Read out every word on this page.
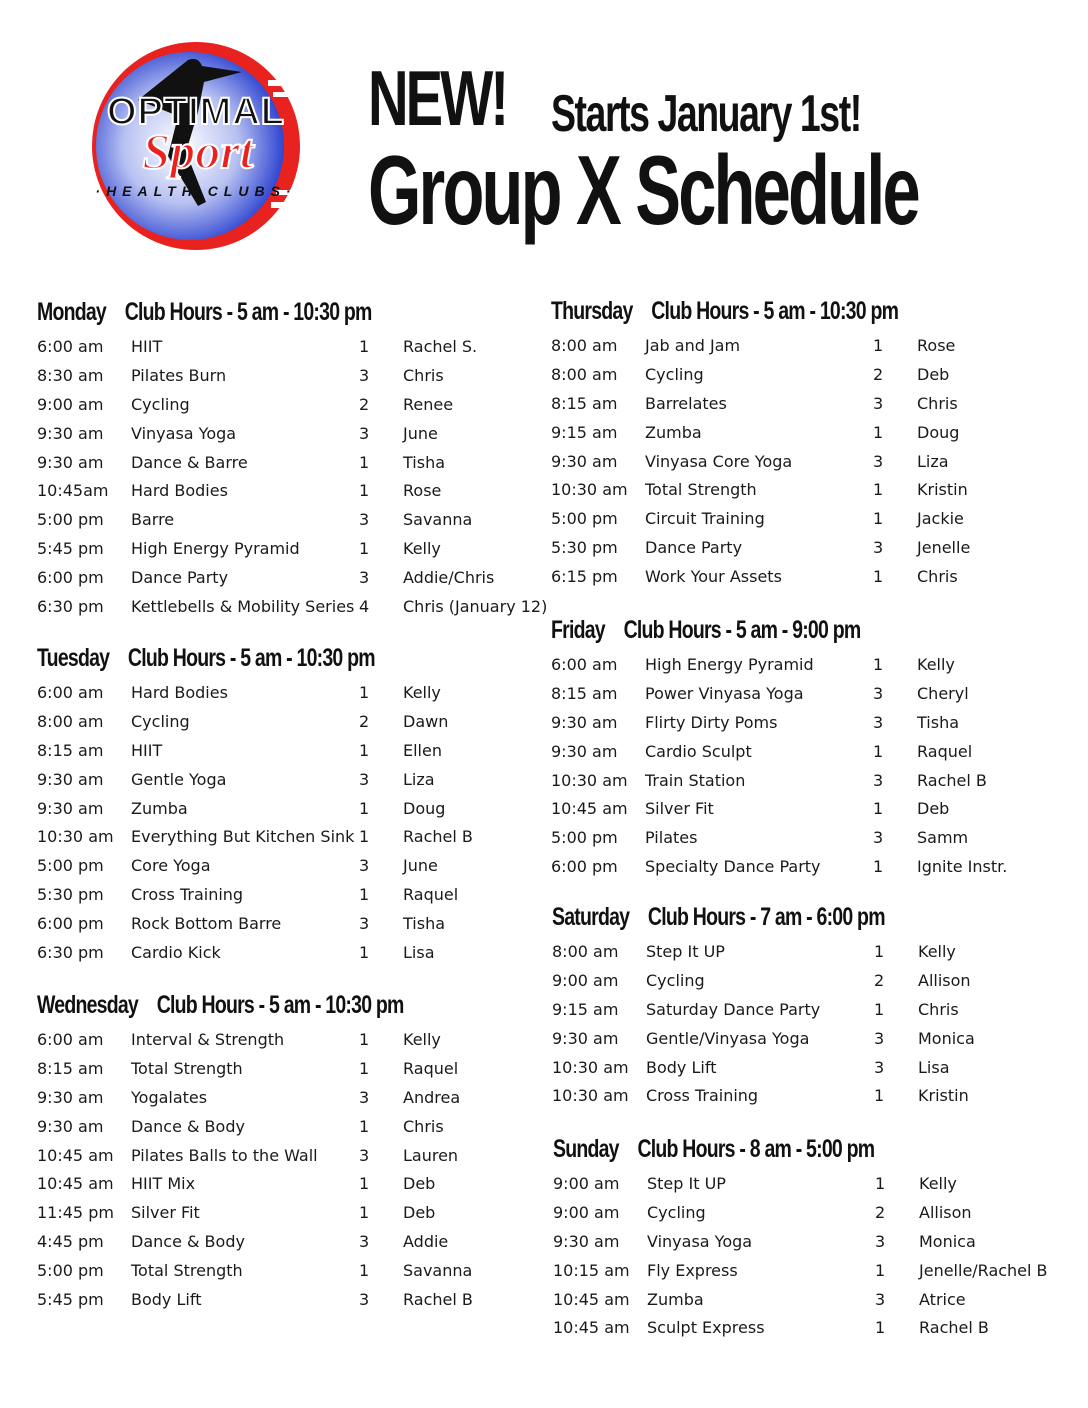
OPTIMAL
Sport
·HEALTH CLUBS·
NEW! Starts January 1st!
Group X Schedule
Monday Club Hours - 5 am - 10:30 pm
6:00 am HIIT	1 Rachel S.
8:30 am Pilates Burn	3 Chris
9:00 am Cycling	2 Renee
9:30 am Vinyasa Yoga	3 June
9:30 am Dance & Barre	1 Tisha
10:45am Hard Bodies	1 Rose
5:00 pm Barre	3 Savanna
5:45 pm High Energy Pyramid	1 Kelly
6:00 pm Dance Party	3 Addie/Chris
6:30 pm Kettlebells & Mobility Series 4 Chris (January 12)
Tuesday Club Hours - 5 am - 10:30 pm
6:00 am Hard Bodies	1 Kelly
8:00 am Cycling	2 Dawn
8:15 am HIIT	1 Ellen
9:30 am Gentle Yoga	3 Liza
9:30 am Zumba	1 Doug
10:30 am Everything But Kitchen Sink 1 Rachel B
5:00 pm Core Yoga	3 June
5:30 pm Cross Training	1 Raquel
6:00 pm Rock Bottom Barre	3 Tisha
6:30 pm Cardio Kick	1 Lisa
Wednesday Club Hours - 5 am - 10:30 pm
6:00 am Interval & Strength	1 Kelly
8:15 am Total Strength	1 Raquel
9:30 am Yogalates	3 Andrea
9:30 am Dance & Body	1 Chris
10:45 am Pilates Balls to the Wall	3 Lauren
10:45 am HIIT Mix	1 Deb
11:45 pm Silver Fit	1 Deb
4:45 pm Dance & Body	3 Addie
5:00 pm Total Strength	1 Savanna
5:45 pm Body Lift	3 Rachel B
Thursday Club Hours - 5 am - 10:30 pm
8:00 am Jab and Jam	1 Rose
8:00 am Cycling	2 Deb
8:15 am Barrelates	3 Chris
9:15 am Zumba	1 Doug
9:30 am Vinyasa Core Yoga	3 Liza
10:30 am Total Strength	1 Kristin
5:00 pm Circuit Training	1 Jackie
5:30 pm Dance Party	3 Jenelle
6:15 pm Work Your Assets	1 Chris
Friday Club Hours - 5 am - 9:00 pm
6:00 am High Energy Pyramid	1 Kelly
8:15 am Power Vinyasa Yoga	3 Cheryl
9:30 am Flirty Dirty Poms	3 Tisha
9:30 am Cardio Sculpt	1 Raquel
10:30 am Train Station	3 Rachel B
10:45 am Silver Fit	1 Deb
5:00 pm Pilates	3 Samm
6:00 pm Specialty Dance Party	1 Ignite Instr.
Saturday Club Hours - 7 am - 6:00 pm
8:00 am Step It UP	1 Kelly
9:00 am Cycling	2 Allison
9:15 am Saturday Dance Party	1 Chris
9:30 am Gentle/Vinyasa Yoga	3 Monica
10:30 am Body Lift	3 Lisa
10:30 am Cross Training	1 Kristin
Sunday Club Hours - 8 am - 5:00 pm
9:00 am Step It UP	1 Kelly
9:00 am Cycling	2 Allison
9:30 am Vinyasa Yoga	3 Monica
10:15 am Fly Express	1 Jenelle/Rachel B
10:45 am Zumba	3 Atrice
10:45 am Sculpt Express	1 Rachel B
